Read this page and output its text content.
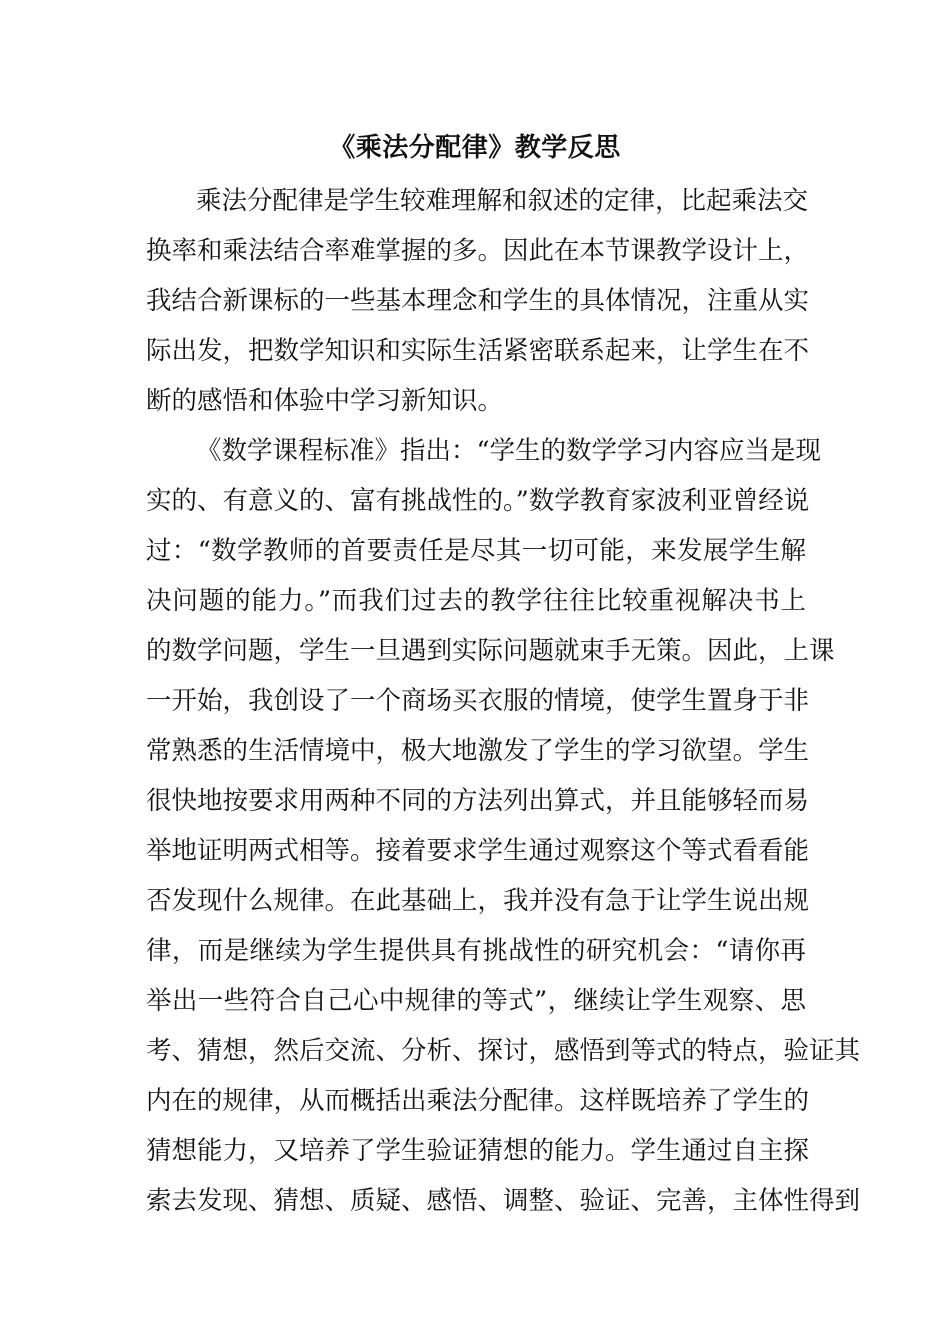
《乘法分配律》教学反思
乘法分配律是学生较难理解和叙述的定律，比起乘法交
换率和乘法结合率难掌握的多。因此在本节课教学设计上，
我结合新课标的一些基本理念和学生的具体情况，注重从实
际出发，把数学知识和实际生活紧密联系起来，让学生在不
断的感悟和体验中学习新知识。
《数学课程标准》指出：“学生的数学学习内容应当是现
实的、有意义的、富有挑战性的。”数学教育家波利亚曾经说
过：“数学教师的首要责任是尽其一切可能，来发展学生解
决问题的能力。”而我们过去的教学往往比较重视解决书上
的数学问题，学生一旦遇到实际问题就束手无策。因此，上课
一开始，我创设了一个商场买衣服的情境，使学生置身于非
常熟悉的生活情境中，极大地激发了学生的学习欲望。学生
很快地按要求用两种不同的方法列出算式，并且能够轻而易
举地证明两式相等。接着要求学生通过观察这个等式看看能
否发现什么规律。在此基础上，我并没有急于让学生说出规
律，而是继续为学生提供具有挑战性的研究机会：“请你再
举出一些符合自己心中规律的等式”，继续让学生观察、思
考、猜想，然后交流、分析、探讨，感悟到等式的特点，验证其
内在的规律，从而概括出乘法分配律。这样既培养了学生的
猜想能力，又培养了学生验证猜想的能力。学生通过自主探
索去发现、猜想、质疑、感悟、调整、验证、完善，主体性得到
